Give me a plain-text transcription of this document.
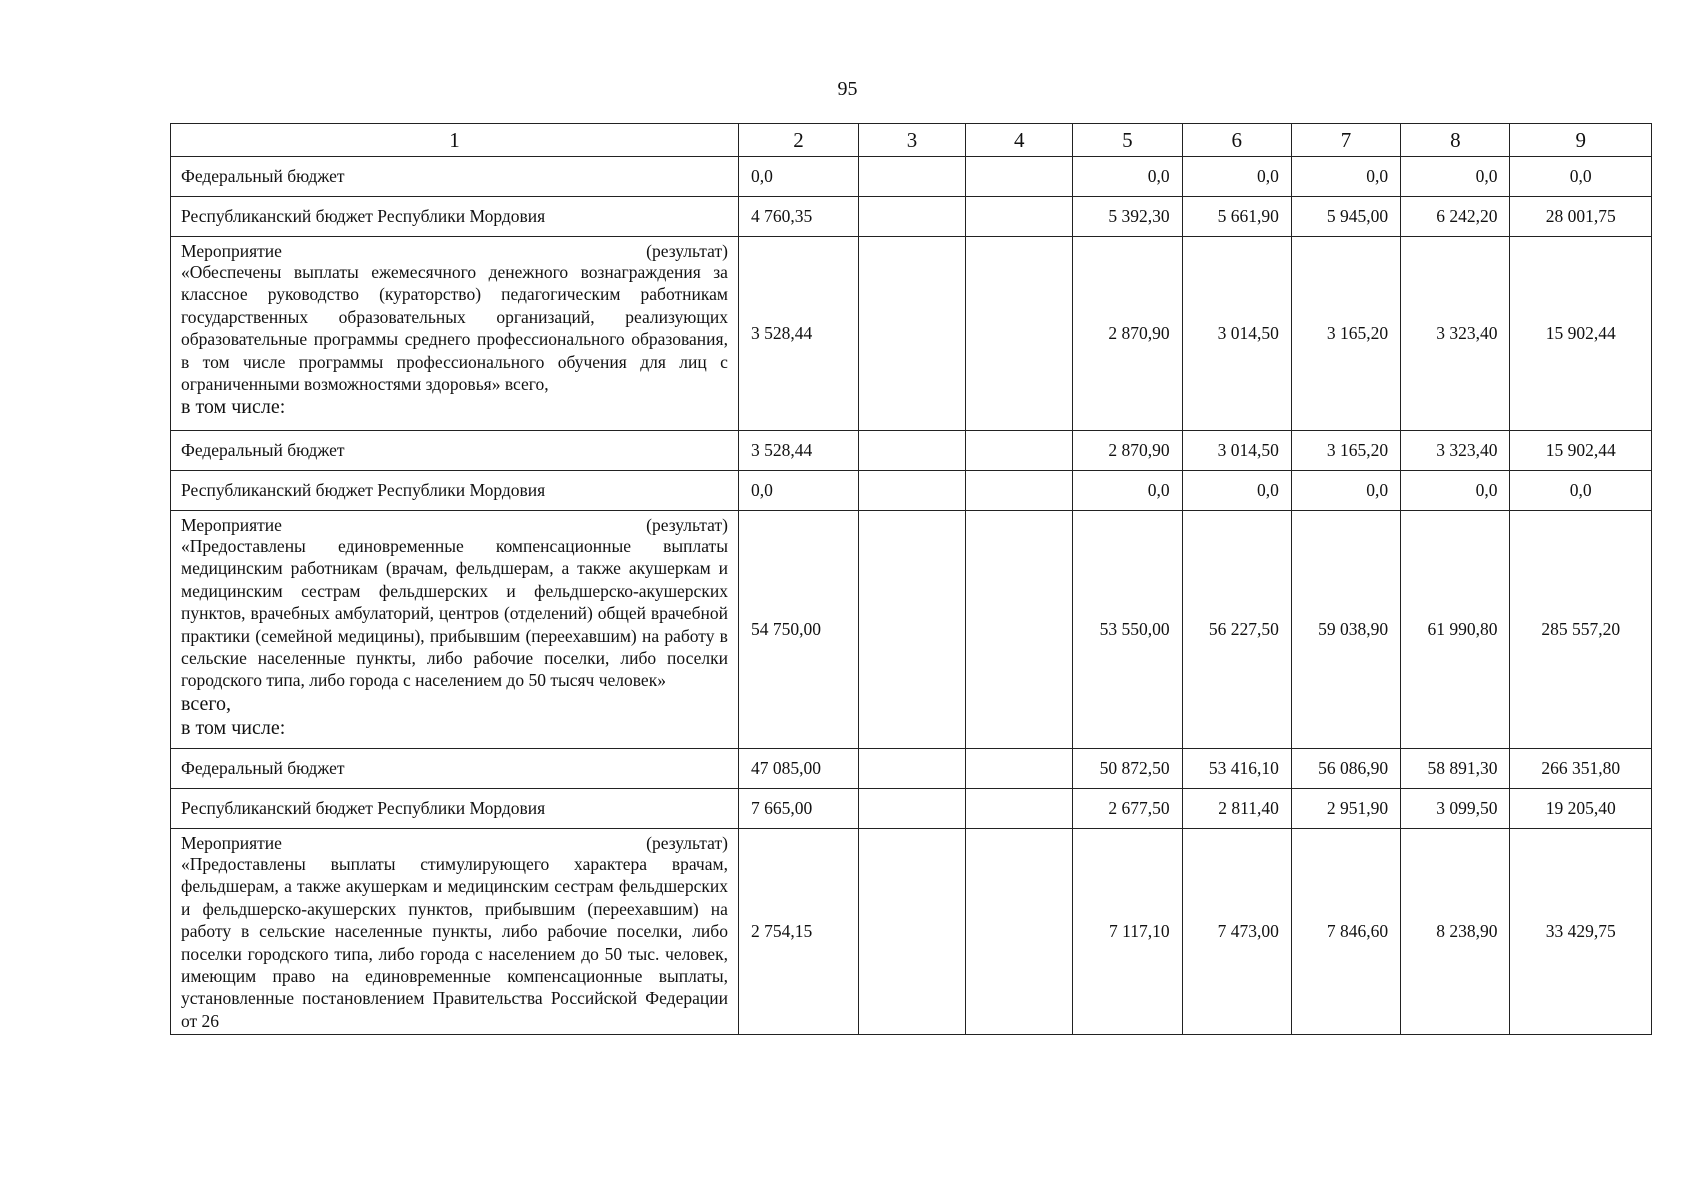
95
1	2	3	4	5	6	7	8	9
Федеральный бюджет	0,0			0,0	0,0	0,0	0,0	0,0
Республиканский бюджет Республики Мордовия	4 760,35			5 392,30	5 661,90	5 945,00	6 242,20	28 001,75

Мероприятие (результат)
«Обеспечены выплаты ежемесячного денежного вознаграждения за классное руководство (кураторство) педагогическим работникам государственных образовательных организаций, реализующих образовательные программы среднего профессионального образования, в том числе программы профессионального обучения для лиц с ограниченными возможностями здоровья» всего,
в том числе:	3 528,44			2 870,90	3 014,50	3 165,20	3 323,40	15 902,44
Федеральный бюджет	3 528,44			2 870,90	3 014,50	3 165,20	3 323,40	15 902,44
Республиканский бюджет Республики Мордовия	0,0			0,0	0,0	0,0	0,0	0,0

Мероприятие (результат)
«Предоставлены единовременные компенсационные выплаты медицинским работникам (врачам, фельдшерам, а также акушеркам и медицинским сестрам фельдшерских и фельдшерско-акушерских пунктов, врачебных амбулаторий, центров (отделений) общей врачебной практики (семейной медицины), прибывшим (переехавшим) на работу в сельские населенные пункты, либо рабочие поселки, либо поселки городского типа, либо города с населением до 50 тысяч человек»
всего,
в том числе:	54 750,00			53 550,00	56 227,50	59 038,90	61 990,80	285 557,20
Федеральный бюджет	47 085,00			50 872,50	53 416,10	56 086,90	58 891,30	266 351,80
Республиканский бюджет Республики Мордовия	7 665,00			2 677,50	2 811,40	2 951,90	3 099,50	19 205,40

Мероприятие (результат)
«Предоставлены выплаты стимулирующего характера врачам, фельдшерам, а также акушеркам и медицинским сестрам фельдшерских и фельдшерско-акушерских пунктов, прибывшим (переехавшим) на работу в сельские населенные пункты, либо рабочие поселки, либо поселки городского типа, либо города с населением до 50 тыс. человек, имеющим право на единовременные компенсационные выплаты, установленные постановлением Правительства Российской Федерации от 26	2 754,15			7 117,10	7 473,00	7 846,60	8 238,90	33 429,75
